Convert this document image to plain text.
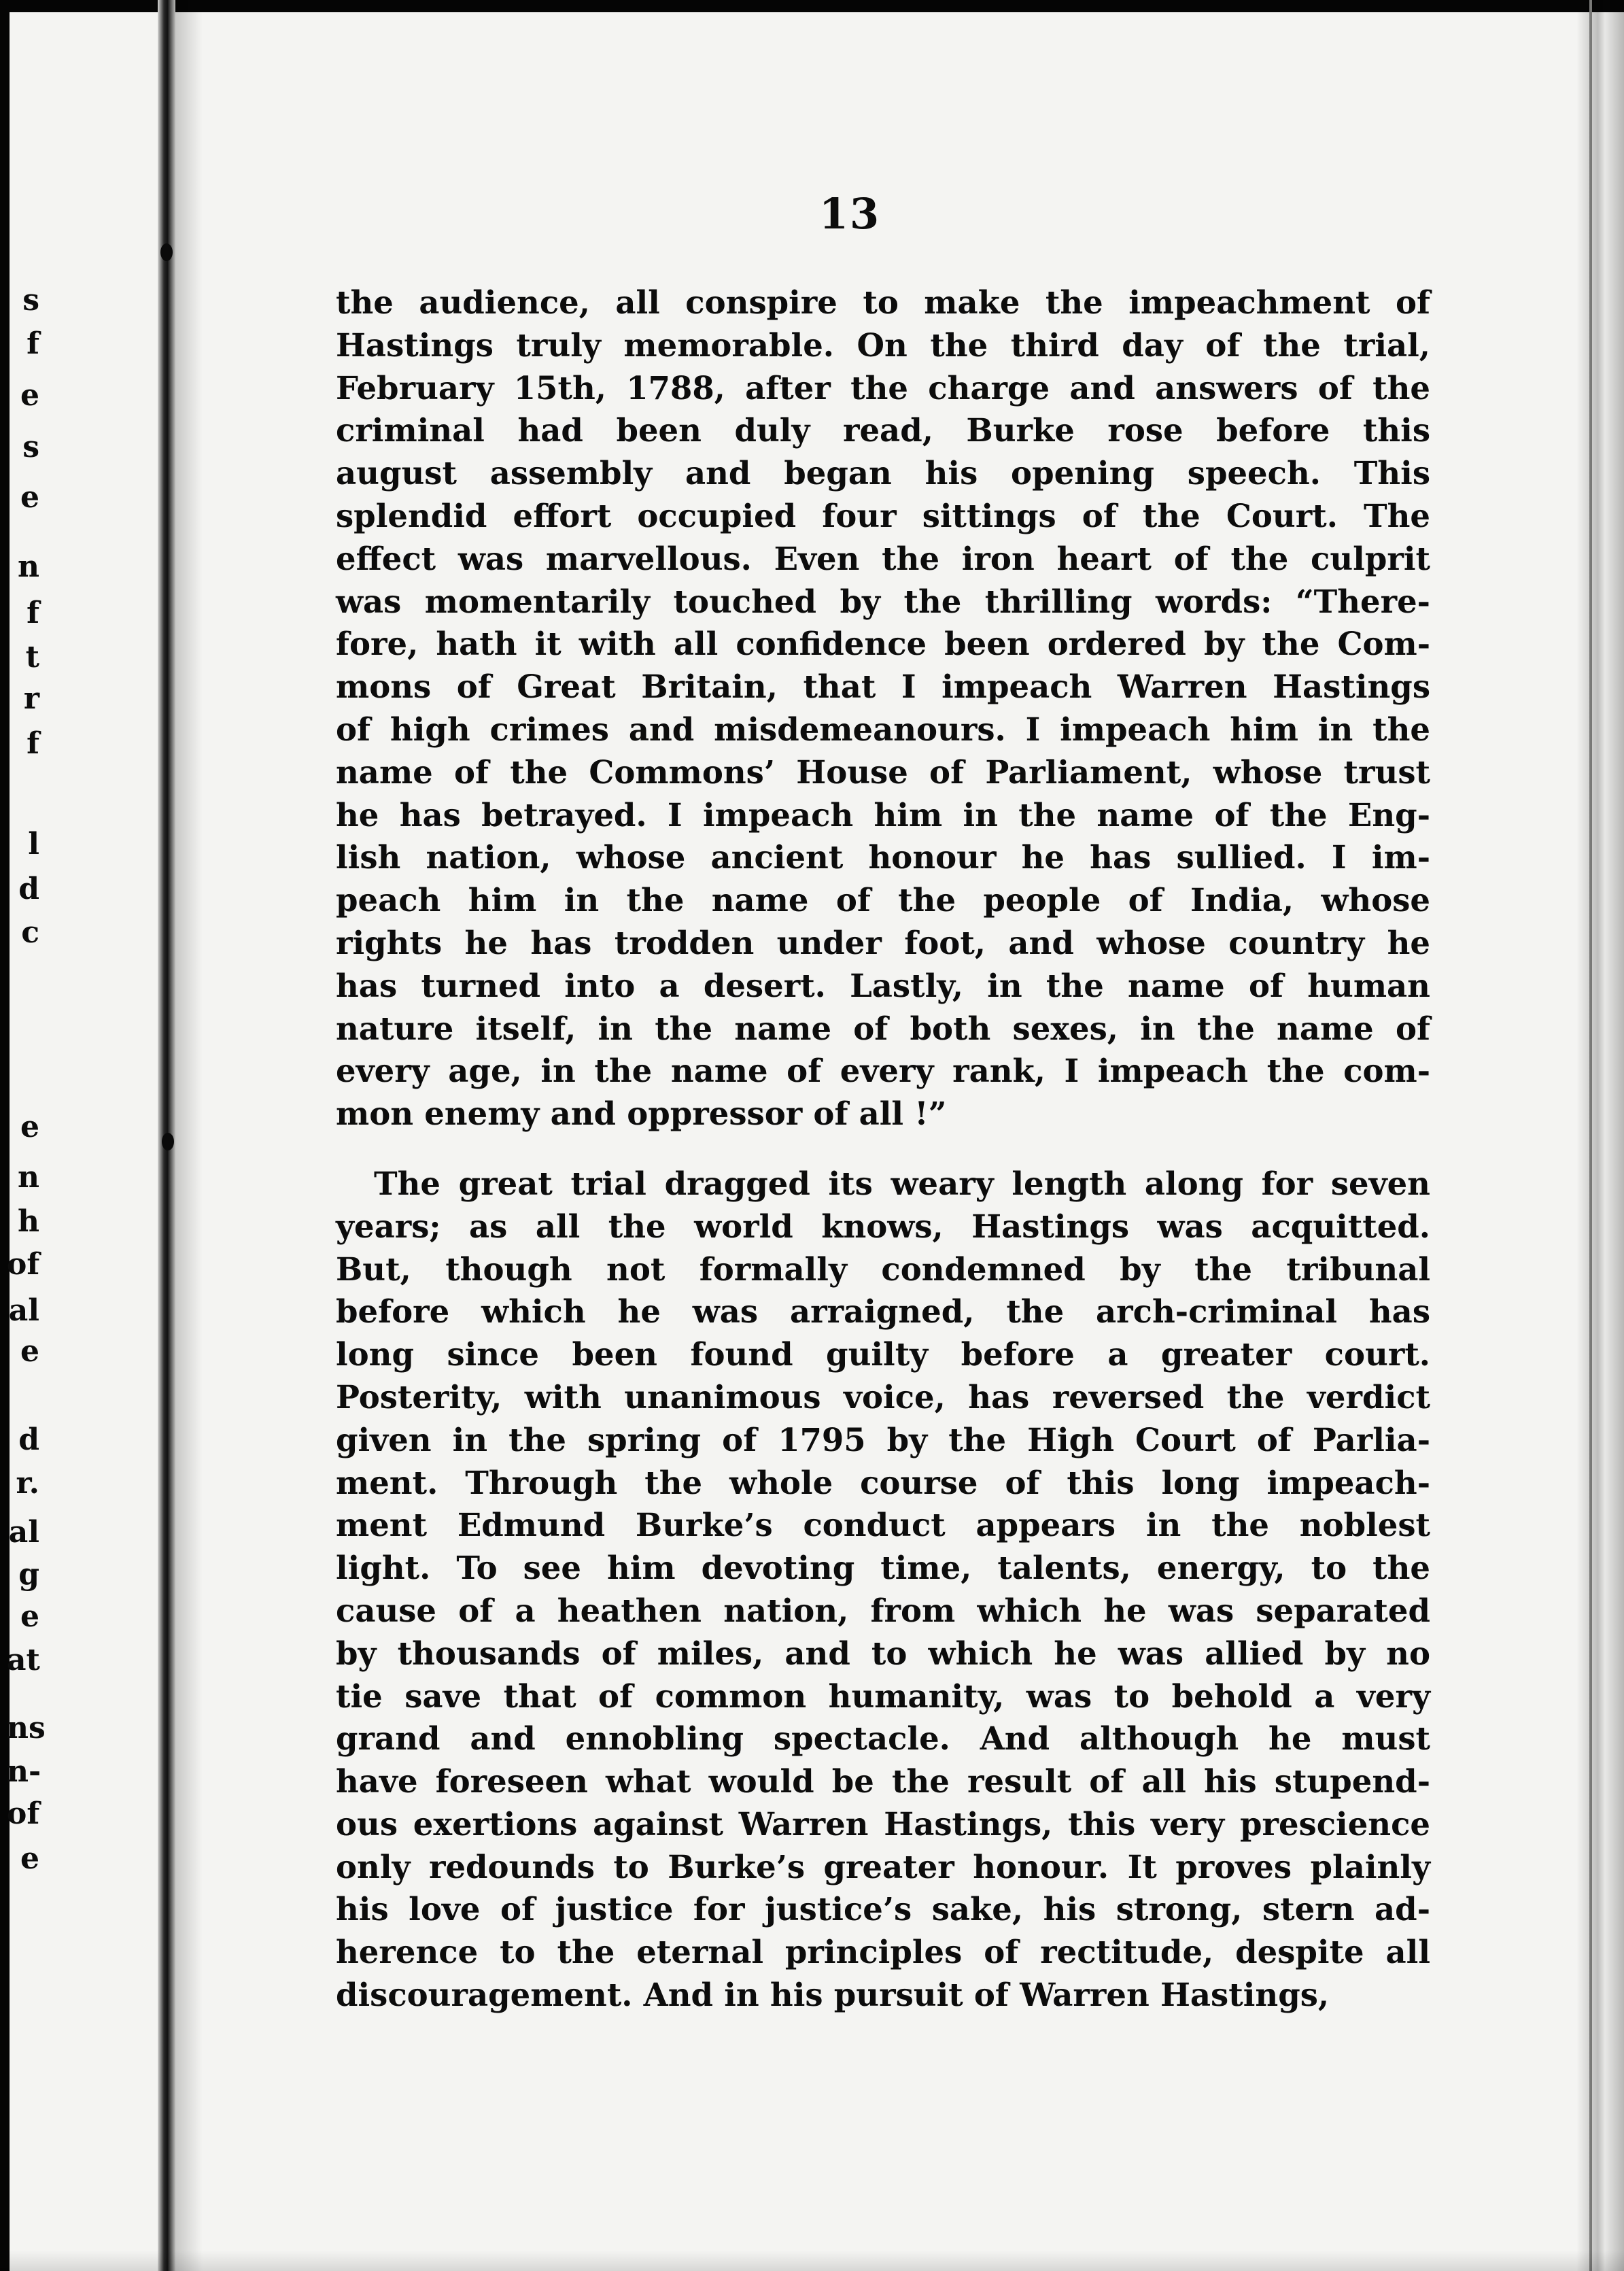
s
f
e
s
e
n
f
t
r
f
l
d
c
e
n
h
of
al
e
d
r.
al
g
e
at
ns
n-
of
e
13
the audience, all conspire to make the impeachment of
Hastings truly memorable. On the third day of the trial,
February 15th, 1788, after the charge and answers of the
criminal had been duly read, Burke rose before this
august assembly and began his opening speech. This
splendid effort occupied four sittings of the Court. The
effect was marvellous. Even the iron heart of the culprit
was momentarily touched by the thrilling words: “There-
fore, hath it with all confidence been ordered by the Com-
mons of Great Britain, that I impeach Warren Hastings
of high crimes and misdemeanours. I impeach him in the
name of the Commons’ House of Parliament, whose trust
he has betrayed. I impeach him in the name of the Eng-
lish nation, whose ancient honour he has sullied. I im-
peach him in the name of the people of India, whose
rights he has trodden under foot, and whose country he
has turned into a desert. Lastly, in the name of human
nature itself, in the name of both sexes, in the name of
every age, in the name of every rank, I impeach the com-
mon enemy and oppressor of all !”
The great trial dragged its weary length along for seven
years; as all the world knows, Hastings was acquitted.
But, though not formally condemned by the tribunal
before which he was arraigned, the arch-criminal has
long since been found guilty before a greater court.
Posterity, with unanimous voice, has reversed the verdict
given in the spring of 1795 by the High Court of Parlia-
ment. Through the whole course of this long impeach-
ment Edmund Burke’s conduct appears in the noblest
light. To see him devoting time, talents, energy, to the
cause of a heathen nation, from which he was separated
by thousands of miles, and to which he was allied by no
tie save that of common humanity, was to behold a very
grand and ennobling spectacle. And although he must
have foreseen what would be the result of all his stupend-
ous exertions against Warren Hastings, this very prescience
only redounds to Burke’s greater honour. It proves plainly
his love of justice for justice’s sake, his strong, stern ad-
herence to the eternal principles of rectitude, despite all
discouragement. And in his pursuit of Warren Hastings,
